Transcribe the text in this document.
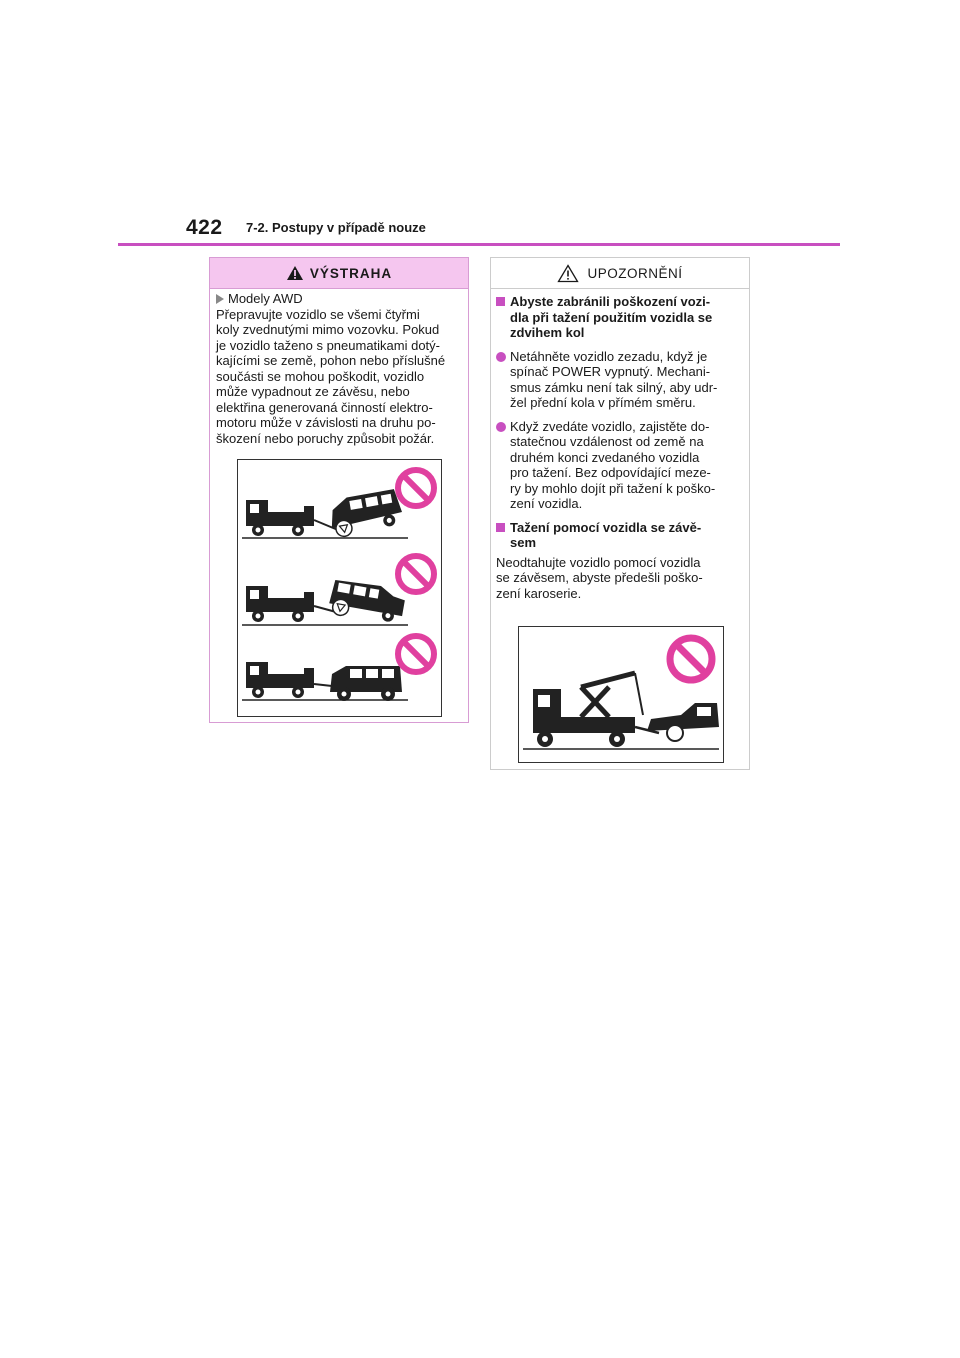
422 7-2. Postupy v případě nouze
VÝSTRAHA
Modely AWD
Přepravujte vozidlo se všemi čtyřmi
koly zvednutými mimo vozovku. Pokud
je vozidlo taženo s pneumatikami dotý-
kajícími se země, pohon nebo příslušné
součásti se mohou poškodit, vozidlo
může vypadnout ze závěsu, nebo
elektřina generovaná činností elektro-
motoru může v závislosti na druhu po-
škození nebo poruchy způsobit požár.
UPOZORNĚNÍ
Abyste zabránili poškození vozi-
dla při tažení použitím vozidla se
zdvihem kol
Netáhněte vozidlo zezadu, když je
spínač POWER vypnutý. Mechani-
smus zámku není tak silný, aby udr-
žel přední kola v přímém směru.
Když zvedáte vozidlo, zajistěte do-
statečnou vzdálenost od země na
druhém konci zvedaného vozidla
pro tažení. Bez odpovídající meze-
ry by mohlo dojít při tažení k poško-
zení vozidla.
Tažení pomocí vozidla se závě-
sem
Neodtahujte vozidlo pomocí vozidla
se závěsem, abyste předešli poško-
zení karoserie.
